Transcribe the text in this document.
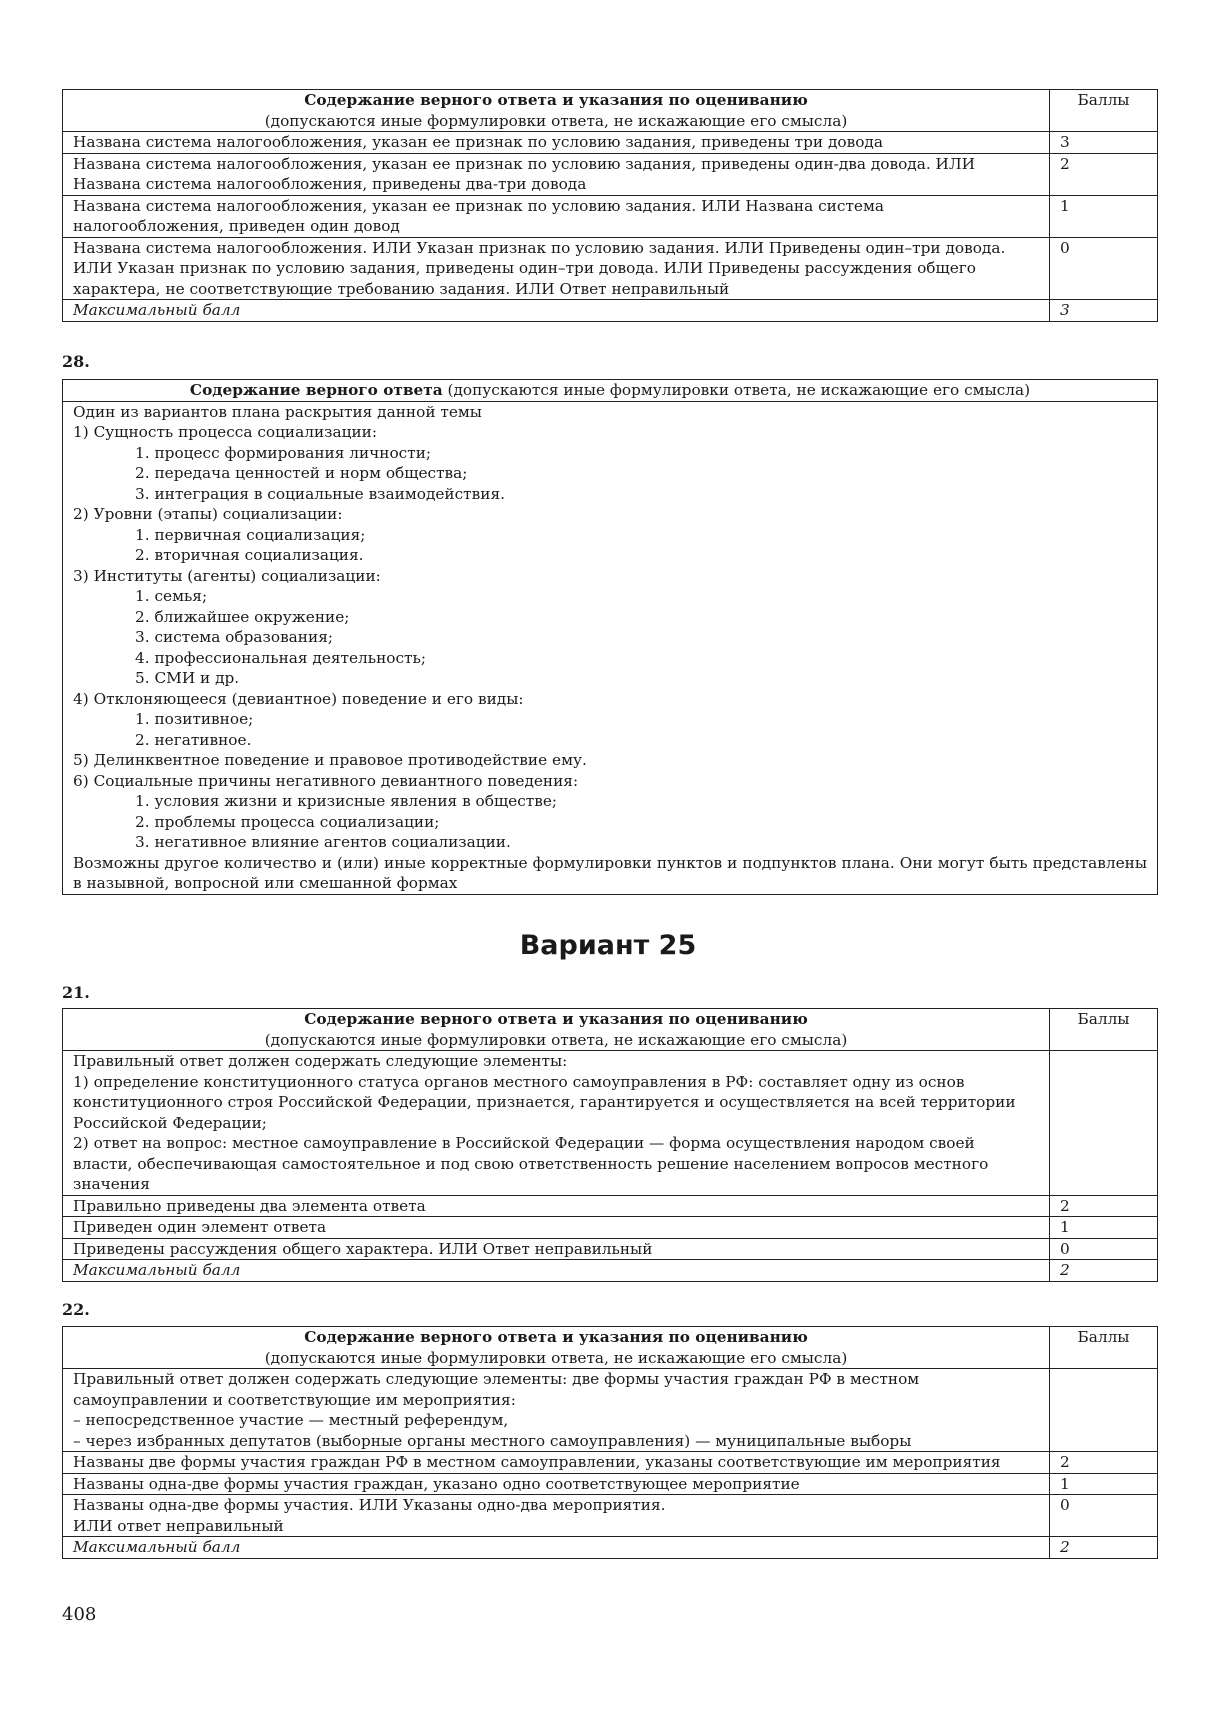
Содержание верного ответа и указания по оцениванию
(допускаются иные формулировки ответа, не искажающие его смысла)	Баллы
Названа система налогообложения, указан ее признак по условию задания, приведены три довода	3
Названа система налогообложения, указан ее признак по условию задания, приведены один-два довода. ИЛИ Названа система налогообложения, приведены два-три довода	2
Названа система налогообложения, указан ее признак по условию задания. ИЛИ Названа система налогообложения, приведен один довод	1
Названа система налогообложения. ИЛИ Указан признак по условию задания. ИЛИ Приведены один–три довода. ИЛИ Указан признак по условию задания, приведены один–три довода. ИЛИ Приведены рассуждения общего характера, не соответствующие требованию задания. ИЛИ Ответ неправильный	0
Максимальный балл	3
28.
Содержание верного ответа (допускаются иные формулировки ответа, не искажающие его смысла)

Один из вариантов плана раскрытия данной темы
1) Сущность процесса социализации:
1. процесс формирования личности;
2. передача ценностей и норм общества;
3. интеграция в социальные взаимодействия.
2) Уровни (этапы) социализации:
1. первичная социализация;
2. вторичная социализация.
3) Институты (агенты) социализации:
1. семья;
2. ближайшее окружение;
3. система образования;
4. профессиональная деятельность;
5. СМИ и др.
4) Отклоняющееся (девиантное) поведение и его виды:
1. позитивное;
2. негативное.
5) Делинквентное поведение и правовое противодействие ему.
6) Социальные причины негативного девиантного поведения:
1. условия жизни и кризисные явления в обществе;
2. проблемы процесса социализации;
3. негативное влияние агентов социализации.
Возможны другое количество и (или) иные корректные формулировки пунктов и подпунктов плана. Они могут быть представлены в назывной, вопросной или смешанной формах
Вариант 25
21.
Содержание верного ответа и указания по оцениванию
(допускаются иные формулировки ответа, не искажающие его смысла)	Баллы

Правильный ответ должен содержать следующие элементы:
1) определение конституционного статуса органов местного самоуправления в РФ: составляет одну из основ конституционного строя Российской Федерации, признается, гарантируется и осуществляется на всей территории Российской Федерации;
2) ответ на вопрос: местное самоуправление в Российской Федерации — форма осуществления народом своей власти, обеспечивающая самостоятельное и под свою ответственность решение населением вопросов местного значения	

Правильно приведены два элемента ответа	2
Приведен один элемент ответа	1
Приведены рассуждения общего характера. ИЛИ Ответ неправильный	0
Максимальный балл	2
22.
Содержание верного ответа и указания по оцениванию
(допускаются иные формулировки ответа, не искажающие его смысла)	Баллы

Правильный ответ должен содержать следующие элементы: две формы участия граждан РФ в местном самоуправлении и соответствующие им мероприятия:
– непосредственное участие — местный референдум,
– через избранных депутатов (выборные органы местного самоуправления) — муниципальные выборы	

Названы две формы участия граждан РФ в местном самоуправлении, указаны соответствующие им мероприятия	2
Названы одна-две формы участия граждан, указано одно соответствующее мероприятие	1

Названы одна-две формы участия. ИЛИ Указаны одно-два мероприятия.
ИЛИ ответ неправильный	0
Максимальный балл	2
408
